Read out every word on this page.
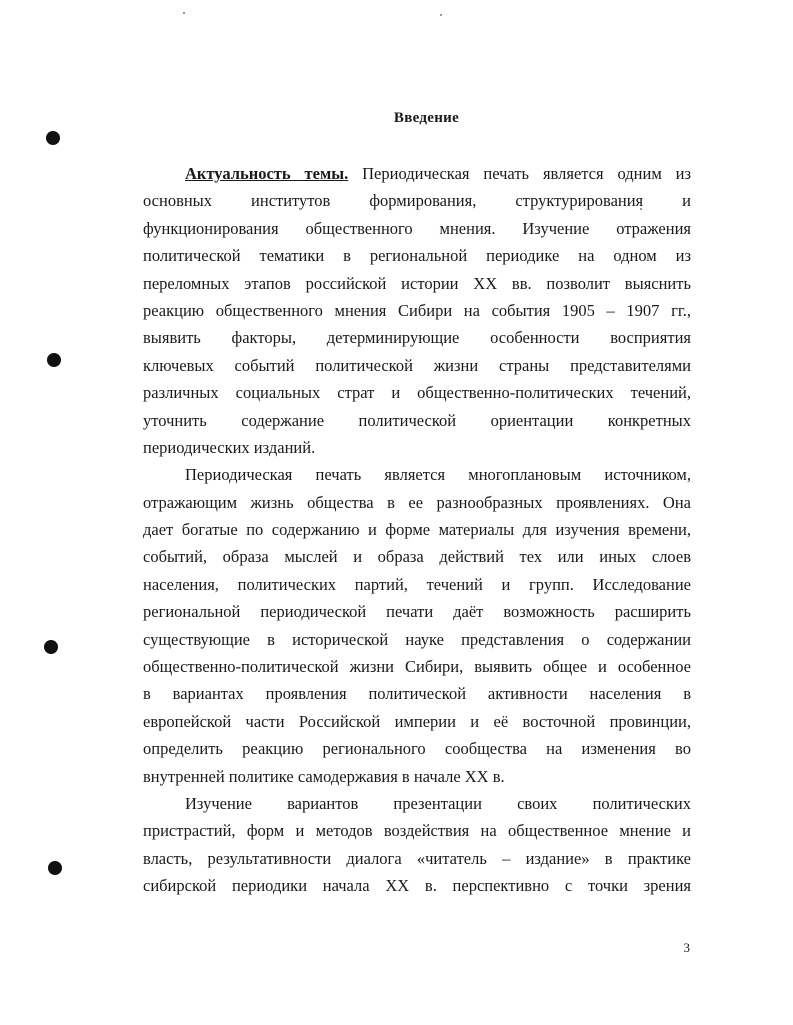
Введение
Актуальность темы. Периодическая печать является одним из
основных институтов формирования, структурирования и
функционирования общественного мнения. Изучение отражения
политической тематики в региональной периодике на одном из
переломных этапов российской истории XX вв. позволит выяснить
реакцию общественного мнения Сибири на события 1905 – 1907 гг.,
выявить факторы, детерминирующие особенности восприятия
ключевых событий политической жизни страны представителями
различных социальных страт и общественно-политических течений,
уточнить содержание политической ориентации конкретных
периодических изданий.
Периодическая печать является многоплановым источником,
отражающим жизнь общества в ее разнообразных проявлениях. Она
дает богатые по содержанию и форме материалы для изучения времени,
событий, образа мыслей и образа действий тех или иных слоев
населения, политических партий, течений и групп. Исследование
региональной периодической печати даёт возможность расширить
существующие в исторической науке представления о содержании
общественно-политической жизни Сибири, выявить общее и особенное
в вариантах проявления политической активности населения в
европейской части Российской империи и её восточной провинции,
определить реакцию регионального сообщества на изменения во
внутренней политике самодержавия в начале XX в.
Изучение вариантов презентации своих политических
пристрастий, форм и методов воздействия на общественное мнение и
власть, результативности диалога «читатель – издание» в практике
сибирской периодики начала XX в. перспективно с точки зрения
3
